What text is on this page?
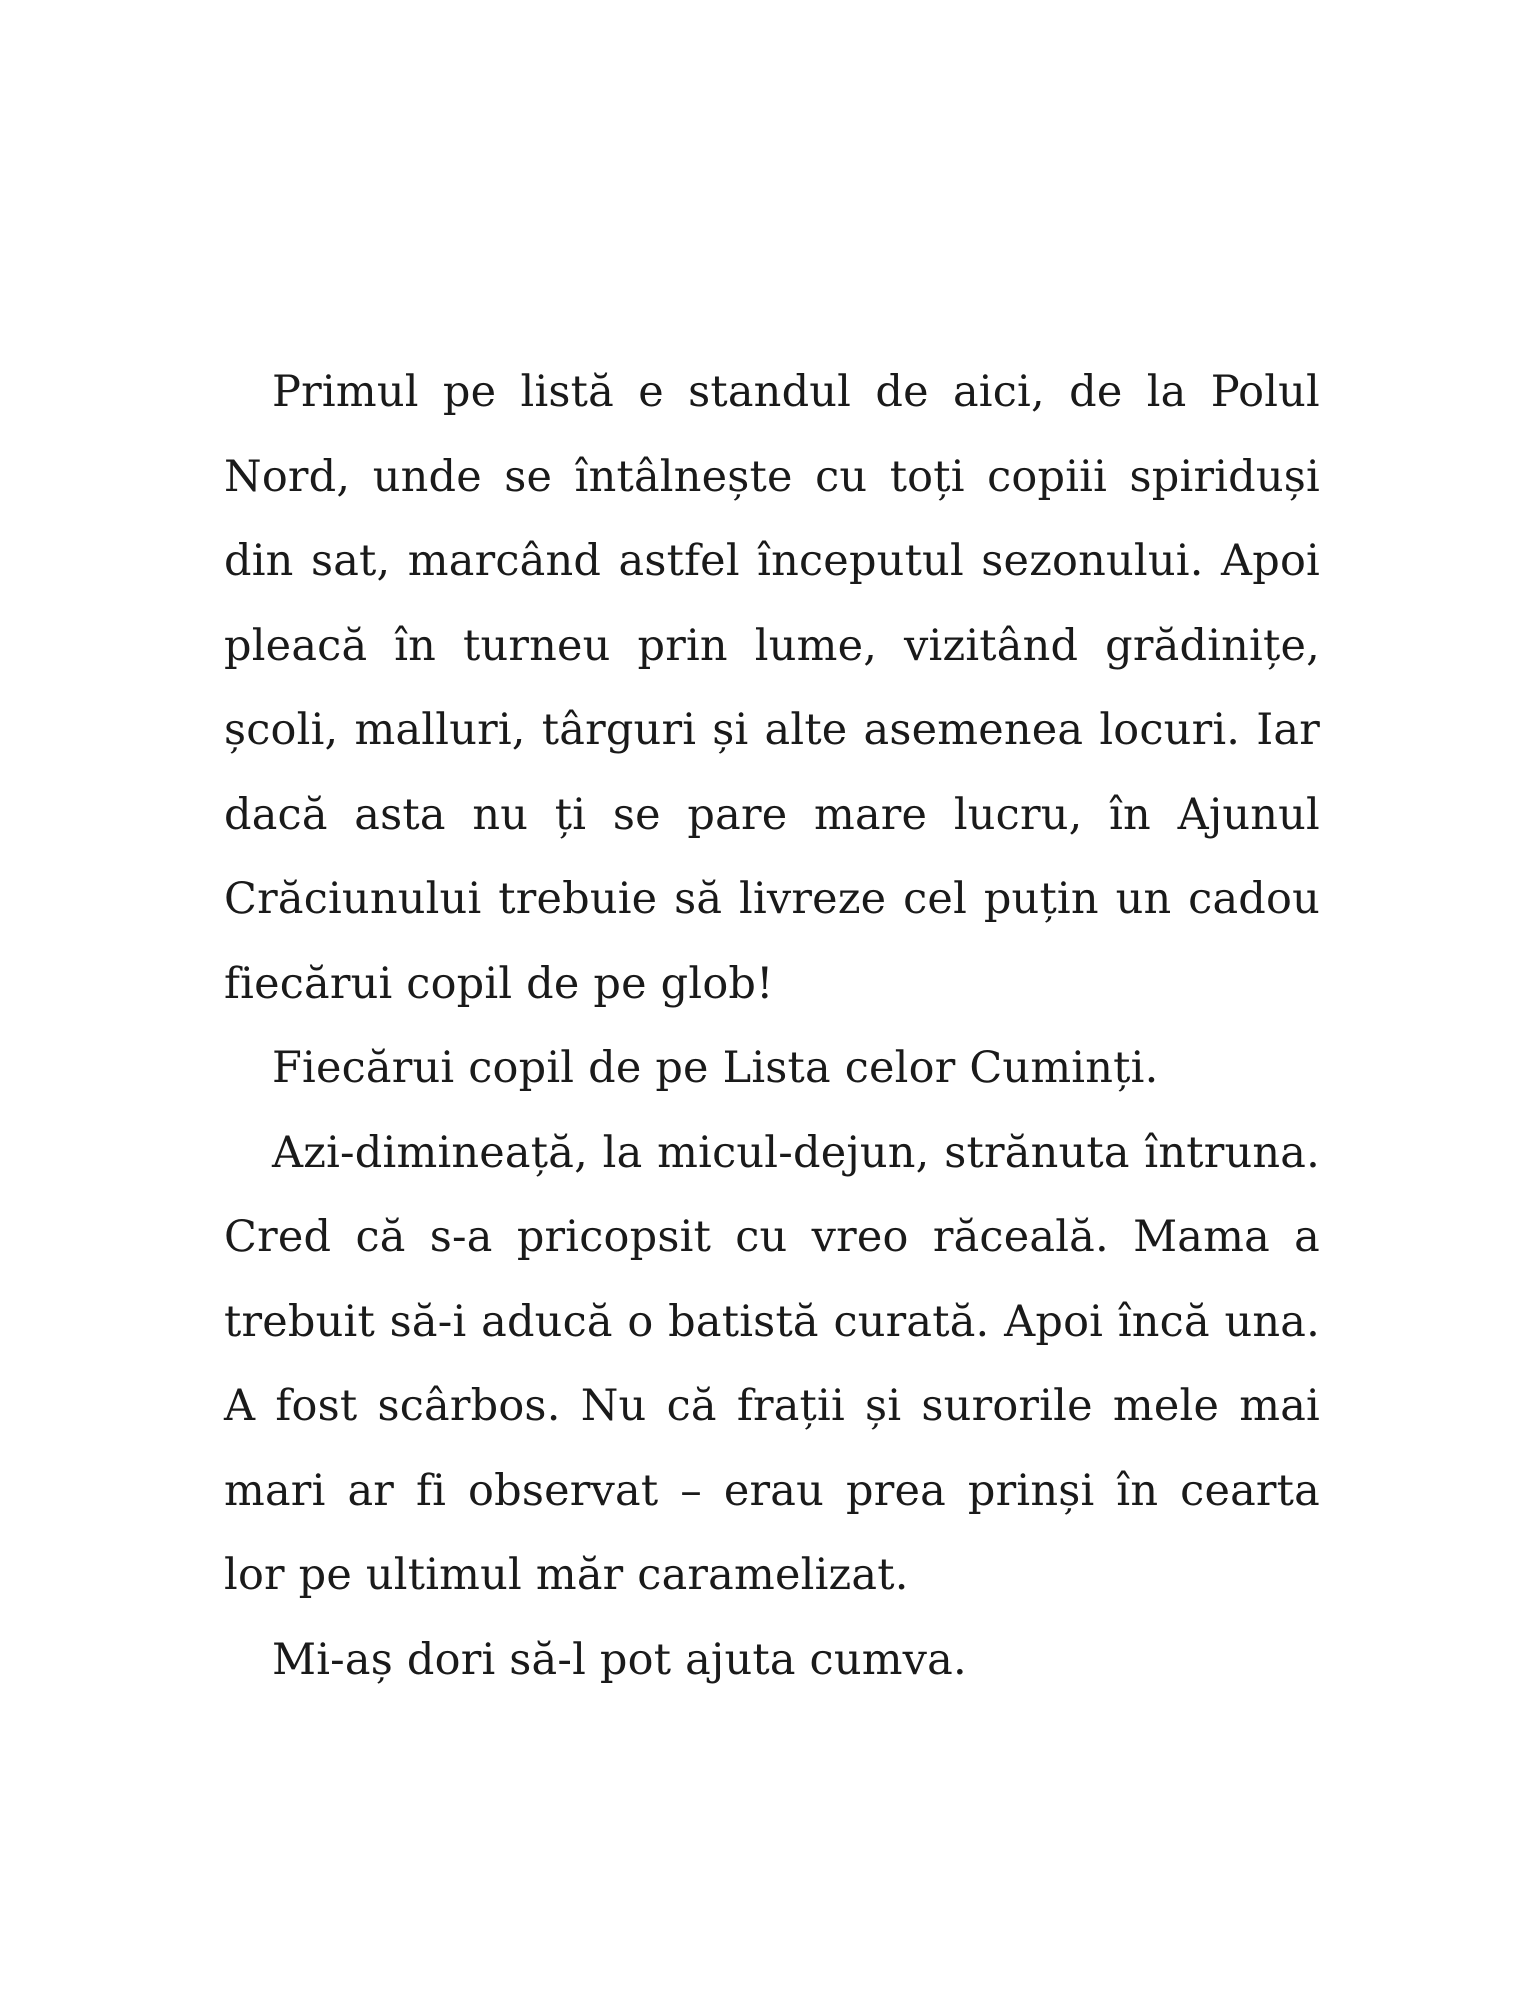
Primul pe listă e standul de aici, de la Polul Nord, unde se întâlnește cu toți copiii spiriduși din sat, marcând astfel începutul sezonului. Apoi pleacă în turneu prin lume, vizitând grădinițe, școli, malluri, târguri și alte asemenea locuri. Iar dacă asta nu ți se pare mare lucru, în Ajunul Crăciunului trebuie să livreze cel puțin un cadou fiecărui copil de pe glob!

Fiecărui copil de pe Lista celor Cuminți.

Azi-dimineață, la micul-dejun, strănuta întruna. Cred că s-a pricopsit cu vreo răceală. Mama a trebuit să-i aducă o batistă curată. Apoi încă una. A fost scârbos. Nu că frații și surorile mele mai mari ar fi observat – erau prea prinși în cearta lor pe ultimul măr caramelizat.

Mi-aș dori să-l pot ajuta cumva.
